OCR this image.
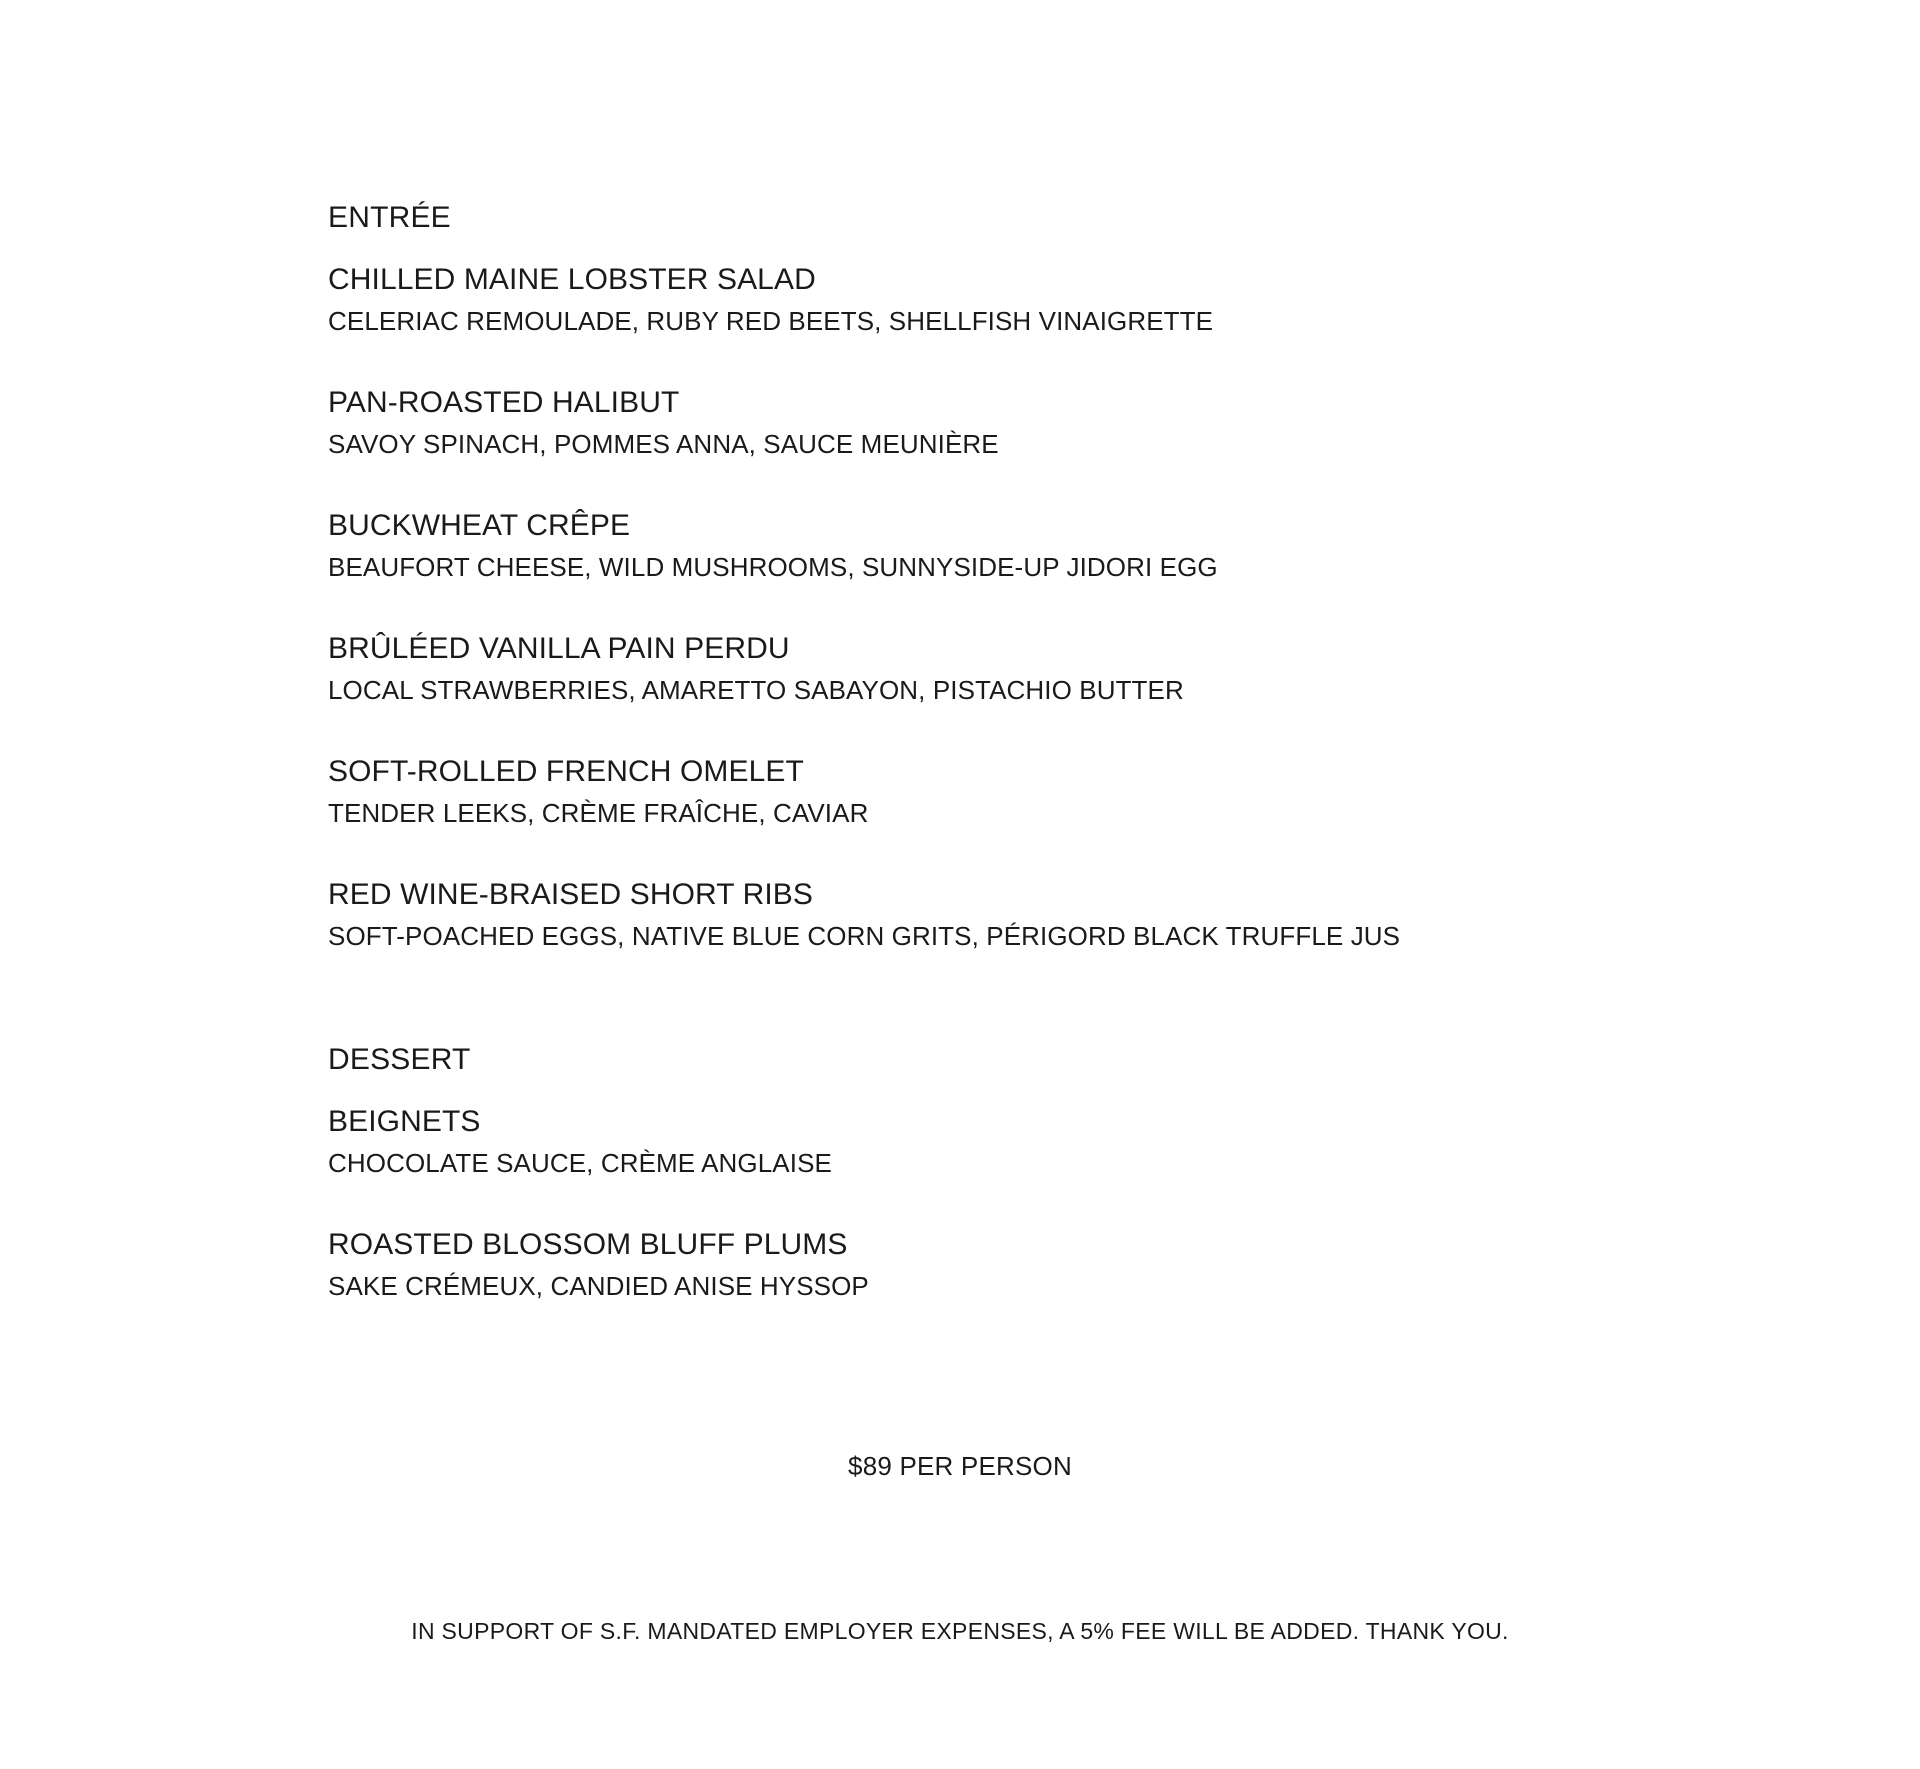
ENTRÉE
CHILLED MAINE LOBSTER SALAD
CELERIAC REMOULADE, RUBY RED BEETS, SHELLFISH VINAIGRETTE
PAN-ROASTED HALIBUT
SAVOY SPINACH, POMMES ANNA, SAUCE MEUNIÈRE
BUCKWHEAT CRÊPE
BEAUFORT CHEESE, WILD MUSHROOMS, SUNNYSIDE-UP JIDORI EGG
BRÛLÉED VANILLA PAIN PERDU
LOCAL STRAWBERRIES, AMARETTO SABAYON, PISTACHIO BUTTER
SOFT-ROLLED FRENCH OMELET
TENDER LEEKS, CRÈME FRAÎCHE, CAVIAR
RED WINE-BRAISED SHORT RIBS
SOFT-POACHED EGGS, NATIVE BLUE CORN GRITS, PÉRIGORD BLACK TRUFFLE JUS
DESSERT
BEIGNETS
CHOCOLATE SAUCE, CRÈME ANGLAISE
ROASTED BLOSSOM BLUFF PLUMS
SAKE CRÉMEUX, CANDIED ANISE HYSSOP
$89 PER PERSON
IN SUPPORT OF S.F. MANDATED EMPLOYER EXPENSES, A 5% FEE WILL BE ADDED. THANK YOU.
